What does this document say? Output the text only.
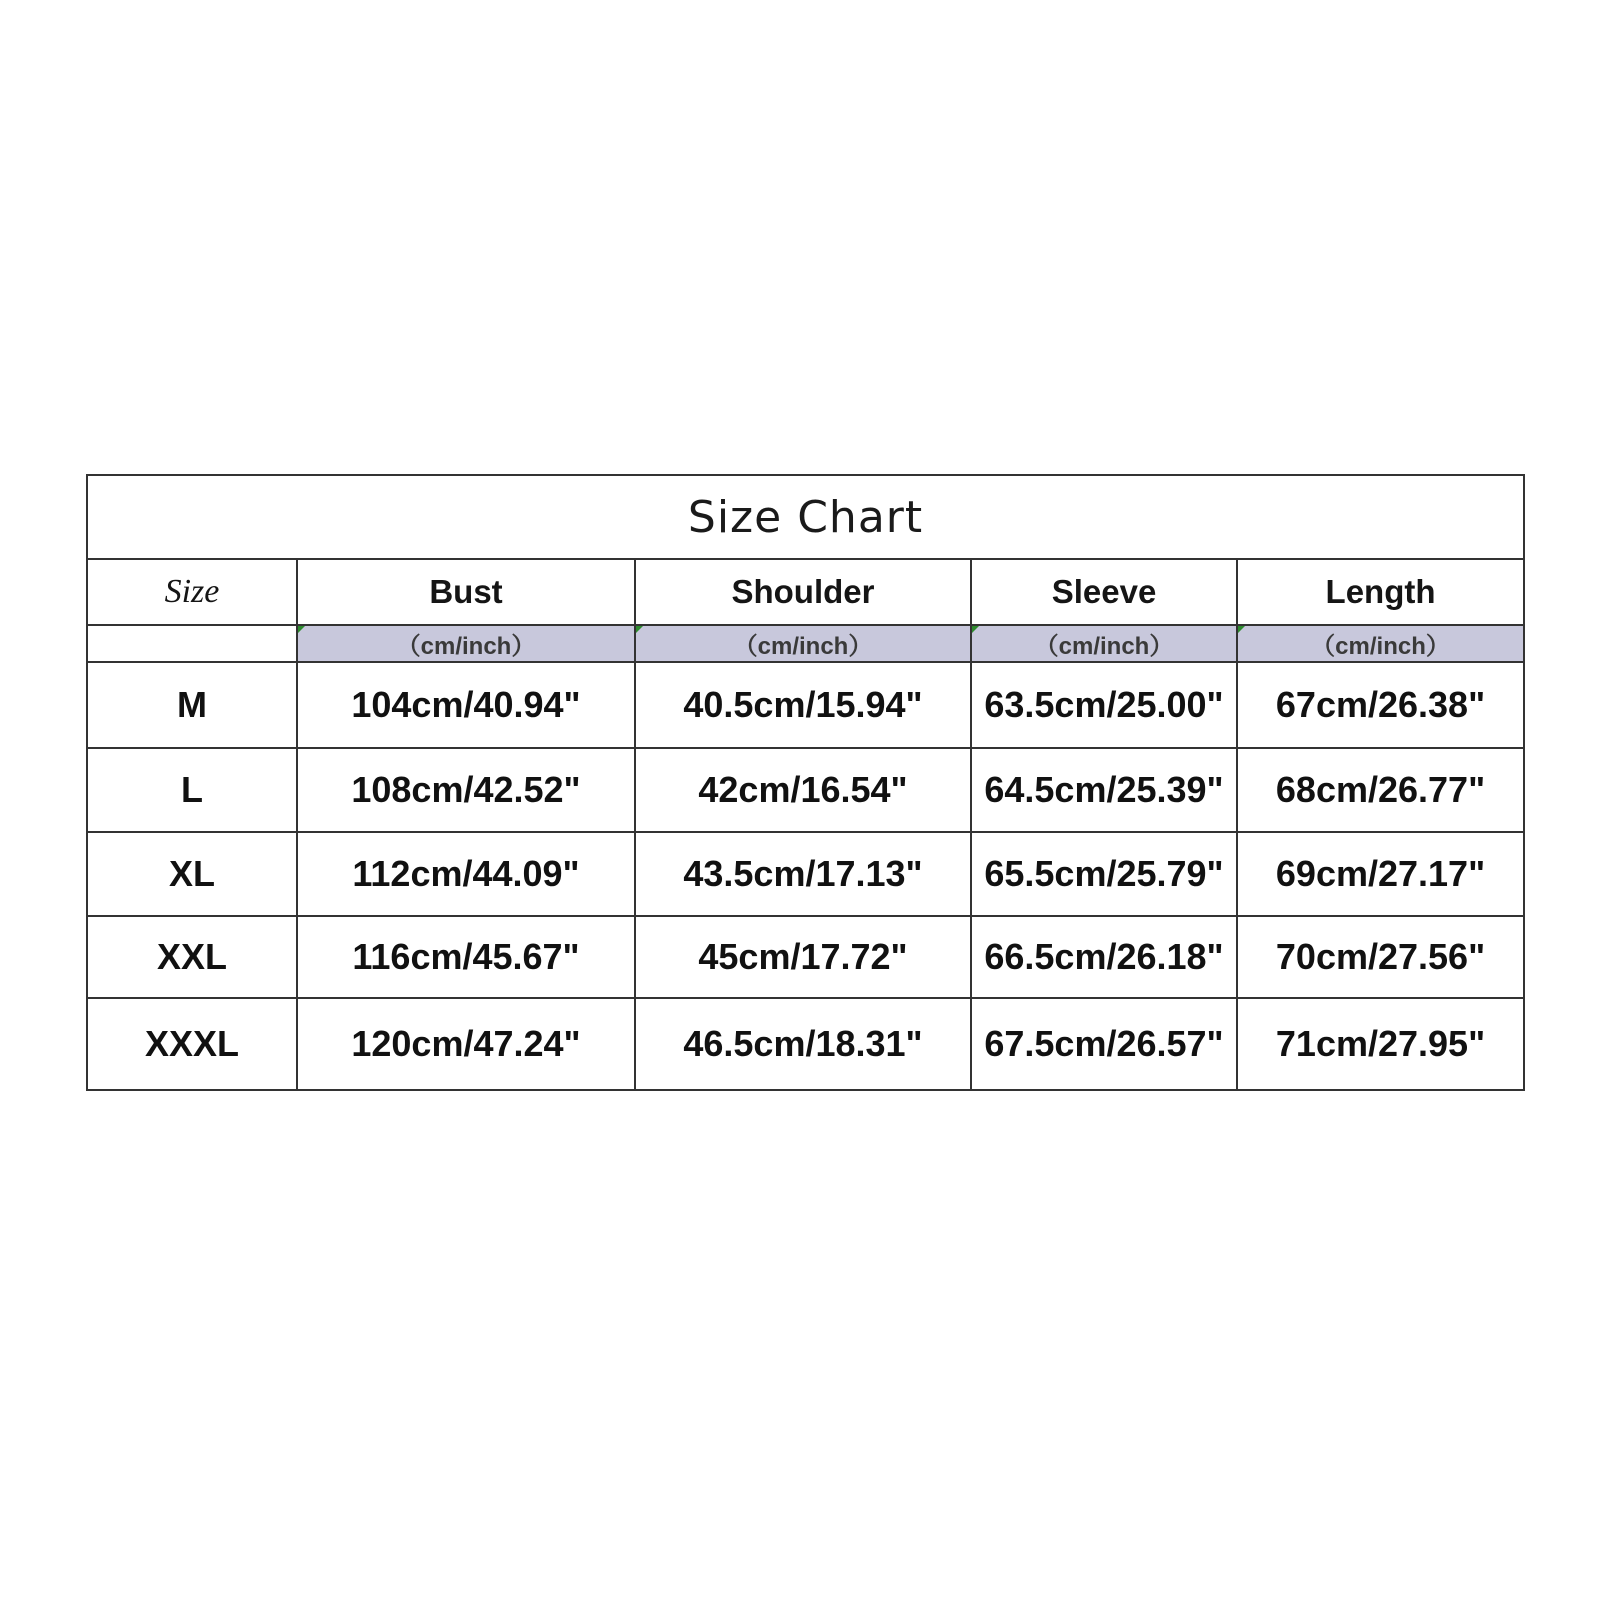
Size Chart				
Size	Bust	Shoulder	Sleeve	Length
	（cm/inch）	（cm/inch）	（cm/inch）	（cm/inch）
M	104cm/40.94"	40.5cm/15.94"	63.5cm/25.00"	67cm/26.38"
L	108cm/42.52"	42cm/16.54"	64.5cm/25.39"	68cm/26.77"
XL	112cm/44.09"	43.5cm/17.13"	65.5cm/25.79"	69cm/27.17"
XXL	116cm/45.67"	45cm/17.72"	66.5cm/26.18"	70cm/27.56"
XXXL	120cm/47.24"	46.5cm/18.31"	67.5cm/26.57"	71cm/27.95"
